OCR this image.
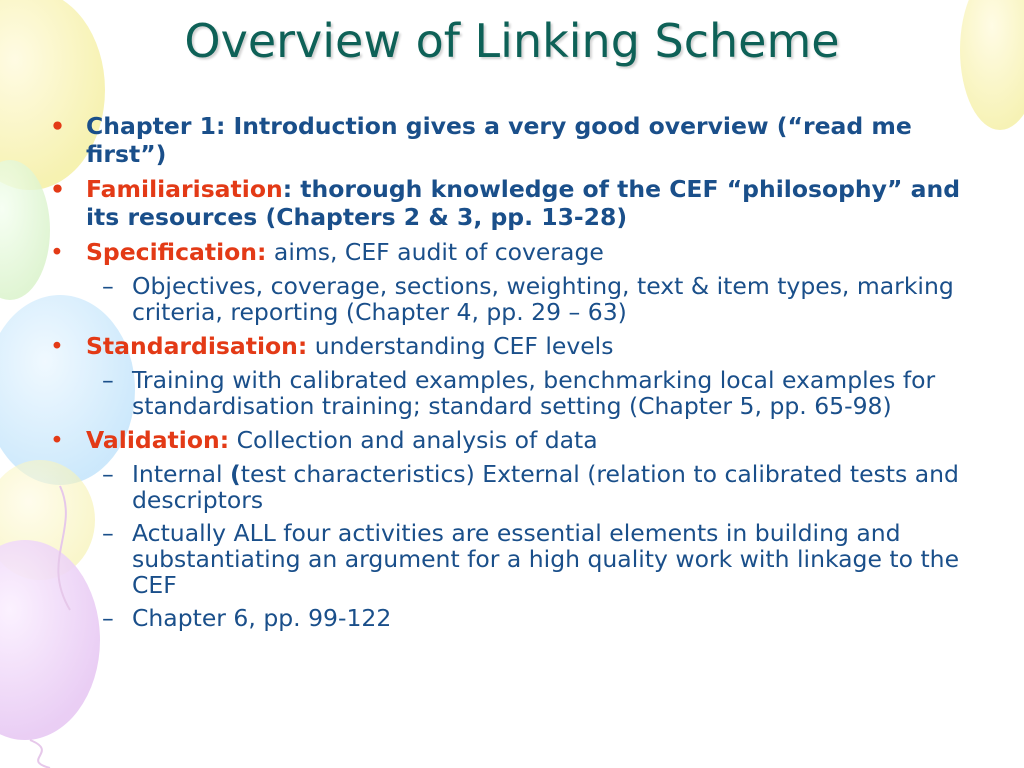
Overview of Linking Scheme
• Chapter 1: Introduction gives a very good overview (“read me first”)
• Familiarisation: thorough knowledge of the CEF “philosophy” and its resources (Chapters 2 & 3, pp. 13-28)
• Specification: aims, CEF audit of coverage
– Objectives, coverage, sections, weighting, text & item types, marking criteria, reporting (Chapter 4, pp. 29 – 63)
• Standardisation: understanding CEF levels
– Training with calibrated examples, benchmarking local examples for standardisation training; standard setting (Chapter 5, pp. 65-98)
• Validation: Collection and analysis of data
– Internal (test characteristics) External (relation to calibrated tests and descriptors
– Actually ALL four activities are essential elements in building and substantiating an argument for a high quality work with linkage to the CEF
– Chapter 6, pp. 99-122
